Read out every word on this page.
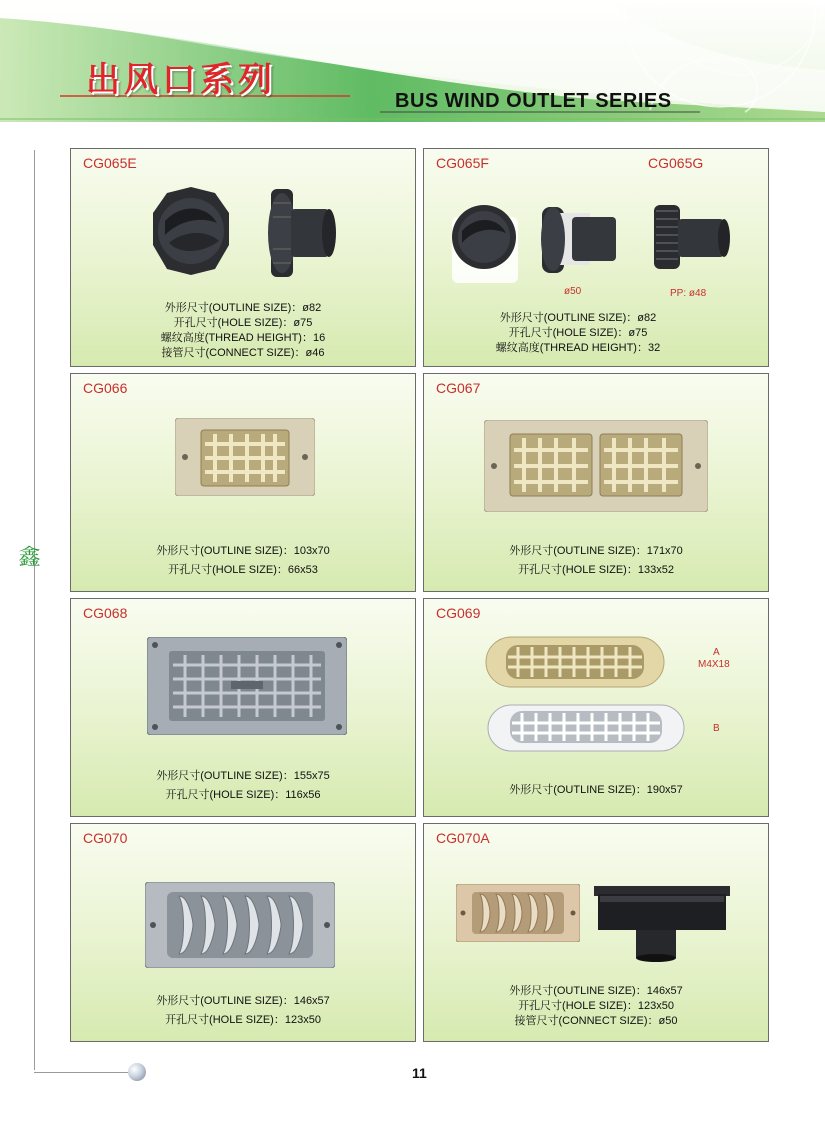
出风口系列
BUS WIND OUTLET SERIES
鑫
11
CG065E
外形尺寸(OUTLINE SIZE)：ø82
开孔尺寸(HOLE SIZE)：ø75
螺纹高度(THREAD HEIGHT)：16
接管尺寸(CONNECT SIZE)：ø46
CG065F	CG065G
ø50	PP: ø48
外形尺寸(OUTLINE SIZE)：ø82
开孔尺寸(HOLE SIZE)：ø75
螺纹高度(THREAD HEIGHT)：32
CG066
外形尺寸(OUTLINE SIZE)：103x70
开孔尺寸(HOLE SIZE)：66x53
CG067
外形尺寸(OUTLINE SIZE)：171x70
开孔尺寸(HOLE SIZE)：133x52
CG068
外形尺寸(OUTLINE SIZE)：155x75
开孔尺寸(HOLE SIZE)：116x56
CG069
A
M4X18
B
外形尺寸(OUTLINE SIZE)：190x57
CG070
外形尺寸(OUTLINE SIZE)：146x57
开孔尺寸(HOLE SIZE)：123x50
CG070A
外形尺寸(OUTLINE SIZE)：146x57
开孔尺寸(HOLE SIZE)：123x50
接管尺寸(CONNECT SIZE)：ø50
